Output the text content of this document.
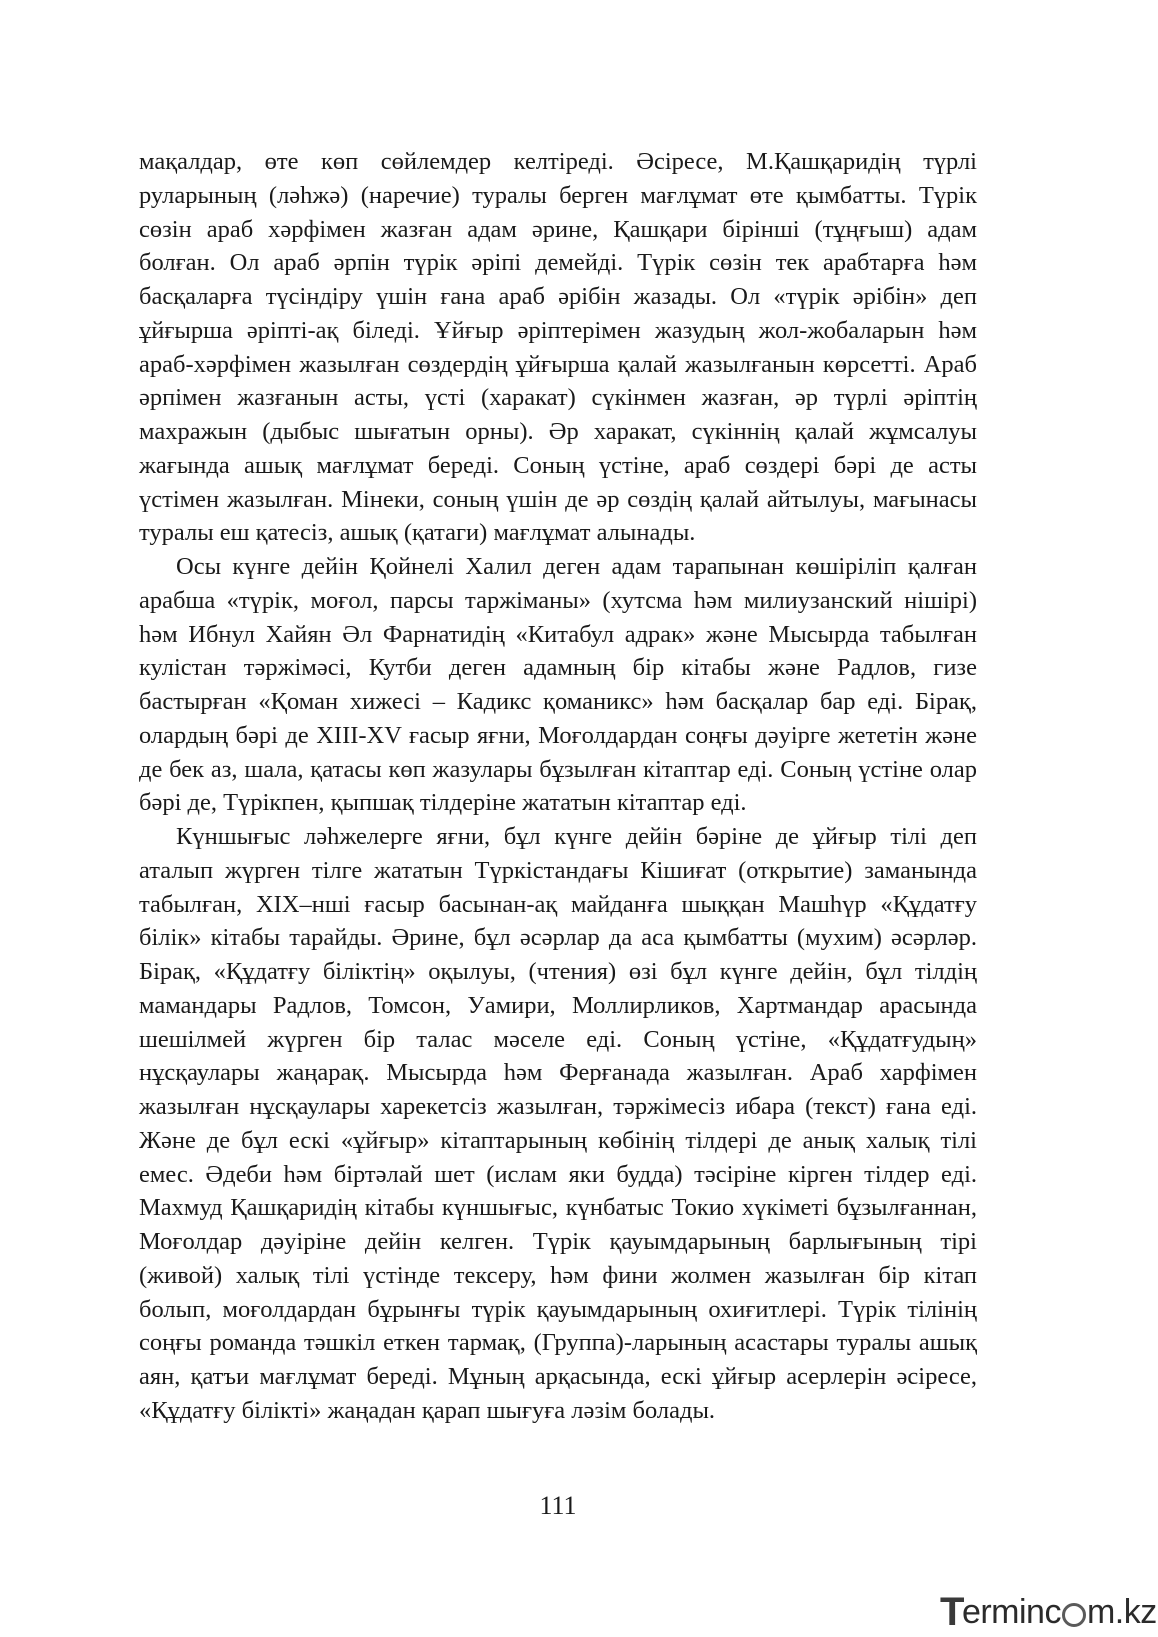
мақалдар, өте көп сөйлемдер келтіреді. Әсіресе, М.Қашқаридің түрлі руларының (ләһжә) (наречие) туралы берген мағлұмат өте қымбатты. Түрік сөзін араб хәрфімен жазған адам әрине, Қашқари бірінші (тұңғыш) адам болған. Ол араб әрпін түрік әріпі демейді. Түрік сөзін тек арабтарға һәм басқаларға түсіндіру үшін ғана араб әрібін жазады. Ол «түрік әрібін» деп ұйғырша әріпті-ақ біледі. Ұйғыр әріптерімен жазудың жол-жобаларын һәм араб-хәрфімен жазылған сөздердің ұйғырша қалай жазылғанын көрсетті. Араб әрпімен жазғанын асты, үсті (харакат) сүкінмен жазған, әр түрлі әріптің махражын (дыбыс шығатын орны). Әр харакат, сүкіннің қалай жұмсалуы жағында ашық мағлұмат береді. Соның үстіне, араб сөздері бәрі де асты үстімен жазылған. Мінеки, соның үшін де әр сөздің қалай айтылуы, мағынасы туралы еш қатесіз, ашық (қатаги) мағлұмат алынады.

Осы күнге дейін Қойнелі Халил деген адам тарапынан көшіріліп қалған арабша «түрік, моғол, парсы таржіманы» (хутсма һәм милиузанский нішірі) һәм Ибнул Хайян Әл Фарнатидің «Китабул адрак» және Мысырда табылған кулістан тәржімәсі, Кутби деген адамның бір кітабы және Радлов, гизе бастырған «Қоман хижесі – Кадикс қоманикс» һәм басқалар бар еді. Бірақ, олардың бәрі де XIII-XV ғасыр яғни, Моғолдардан соңғы дәуірге жететін және де бек аз, шала, қатасы көп жазулары бұзылған кітаптар еді. Соның үстіне олар бәрі де, Түрікпен, қыпшақ тілдеріне жататын кітаптар еді.

Күншығыс ләһжелерге яғни, бұл күнге дейін бәріне де ұйғыр тілі деп аталып жүрген тілге жататын Түркістандағы Кішиғат (открытие) заманында табылған, XIX–нші ғасыр басынан-ақ майданға шыққан Машһүр «Құдатғу білік» кітабы тарайды. Әрине, бұл әсәрлар да аса қымбатты (мухим) әсәрләр. Бірақ, «Құдатғу біліктің» оқылуы, (чтения) өзі бұл күнге дейін, бұл тілдің мамандары Радлов, Томсон, Уамири, Моллирликов, Хартмандар арасында шешілмей жүрген бір талас мәселе еді. Соның үстіне, «Құдатғудың» нұсқаулары жаңарақ. Мысырда һәм Ферғанада жазылған. Араб харфімен жазылған нұсқаулары харекетсіз жазылған, тәржімесіз ибара (текст) ғана еді. Және де бұл ескі «ұйғыр» кітаптарының көбінің тілдері де анық халық тілі емес. Әдеби һәм біртәлай шет (ислам яки будда) тәсіріне кірген тілдер еді. Махмуд Қашқаридің кітабы күншығыс, күнбатыс Токио хүкіметі бұзылғаннан, Моғолдар дәуіріне дейін келген. Түрік қауымдарының барлығының тірі (живой) халық тілі үстінде тексеру, һәм фини жолмен жазылған бір кітап болып, моғолдардан бұрынғы түрік қауымдарының охиғитлері. Түрік тілінің соңғы романда тәшкіл еткен тармақ, (Группа)-ларының асастары туралы ашық аян, қатъи мағлұмат береді. Мұның арқасында, ескі ұйғыр асерлерін әсіресе, «Құдатғу білікті» жаңадан қарап шығуға ләзім болады.

111
T
erminc m.kz
